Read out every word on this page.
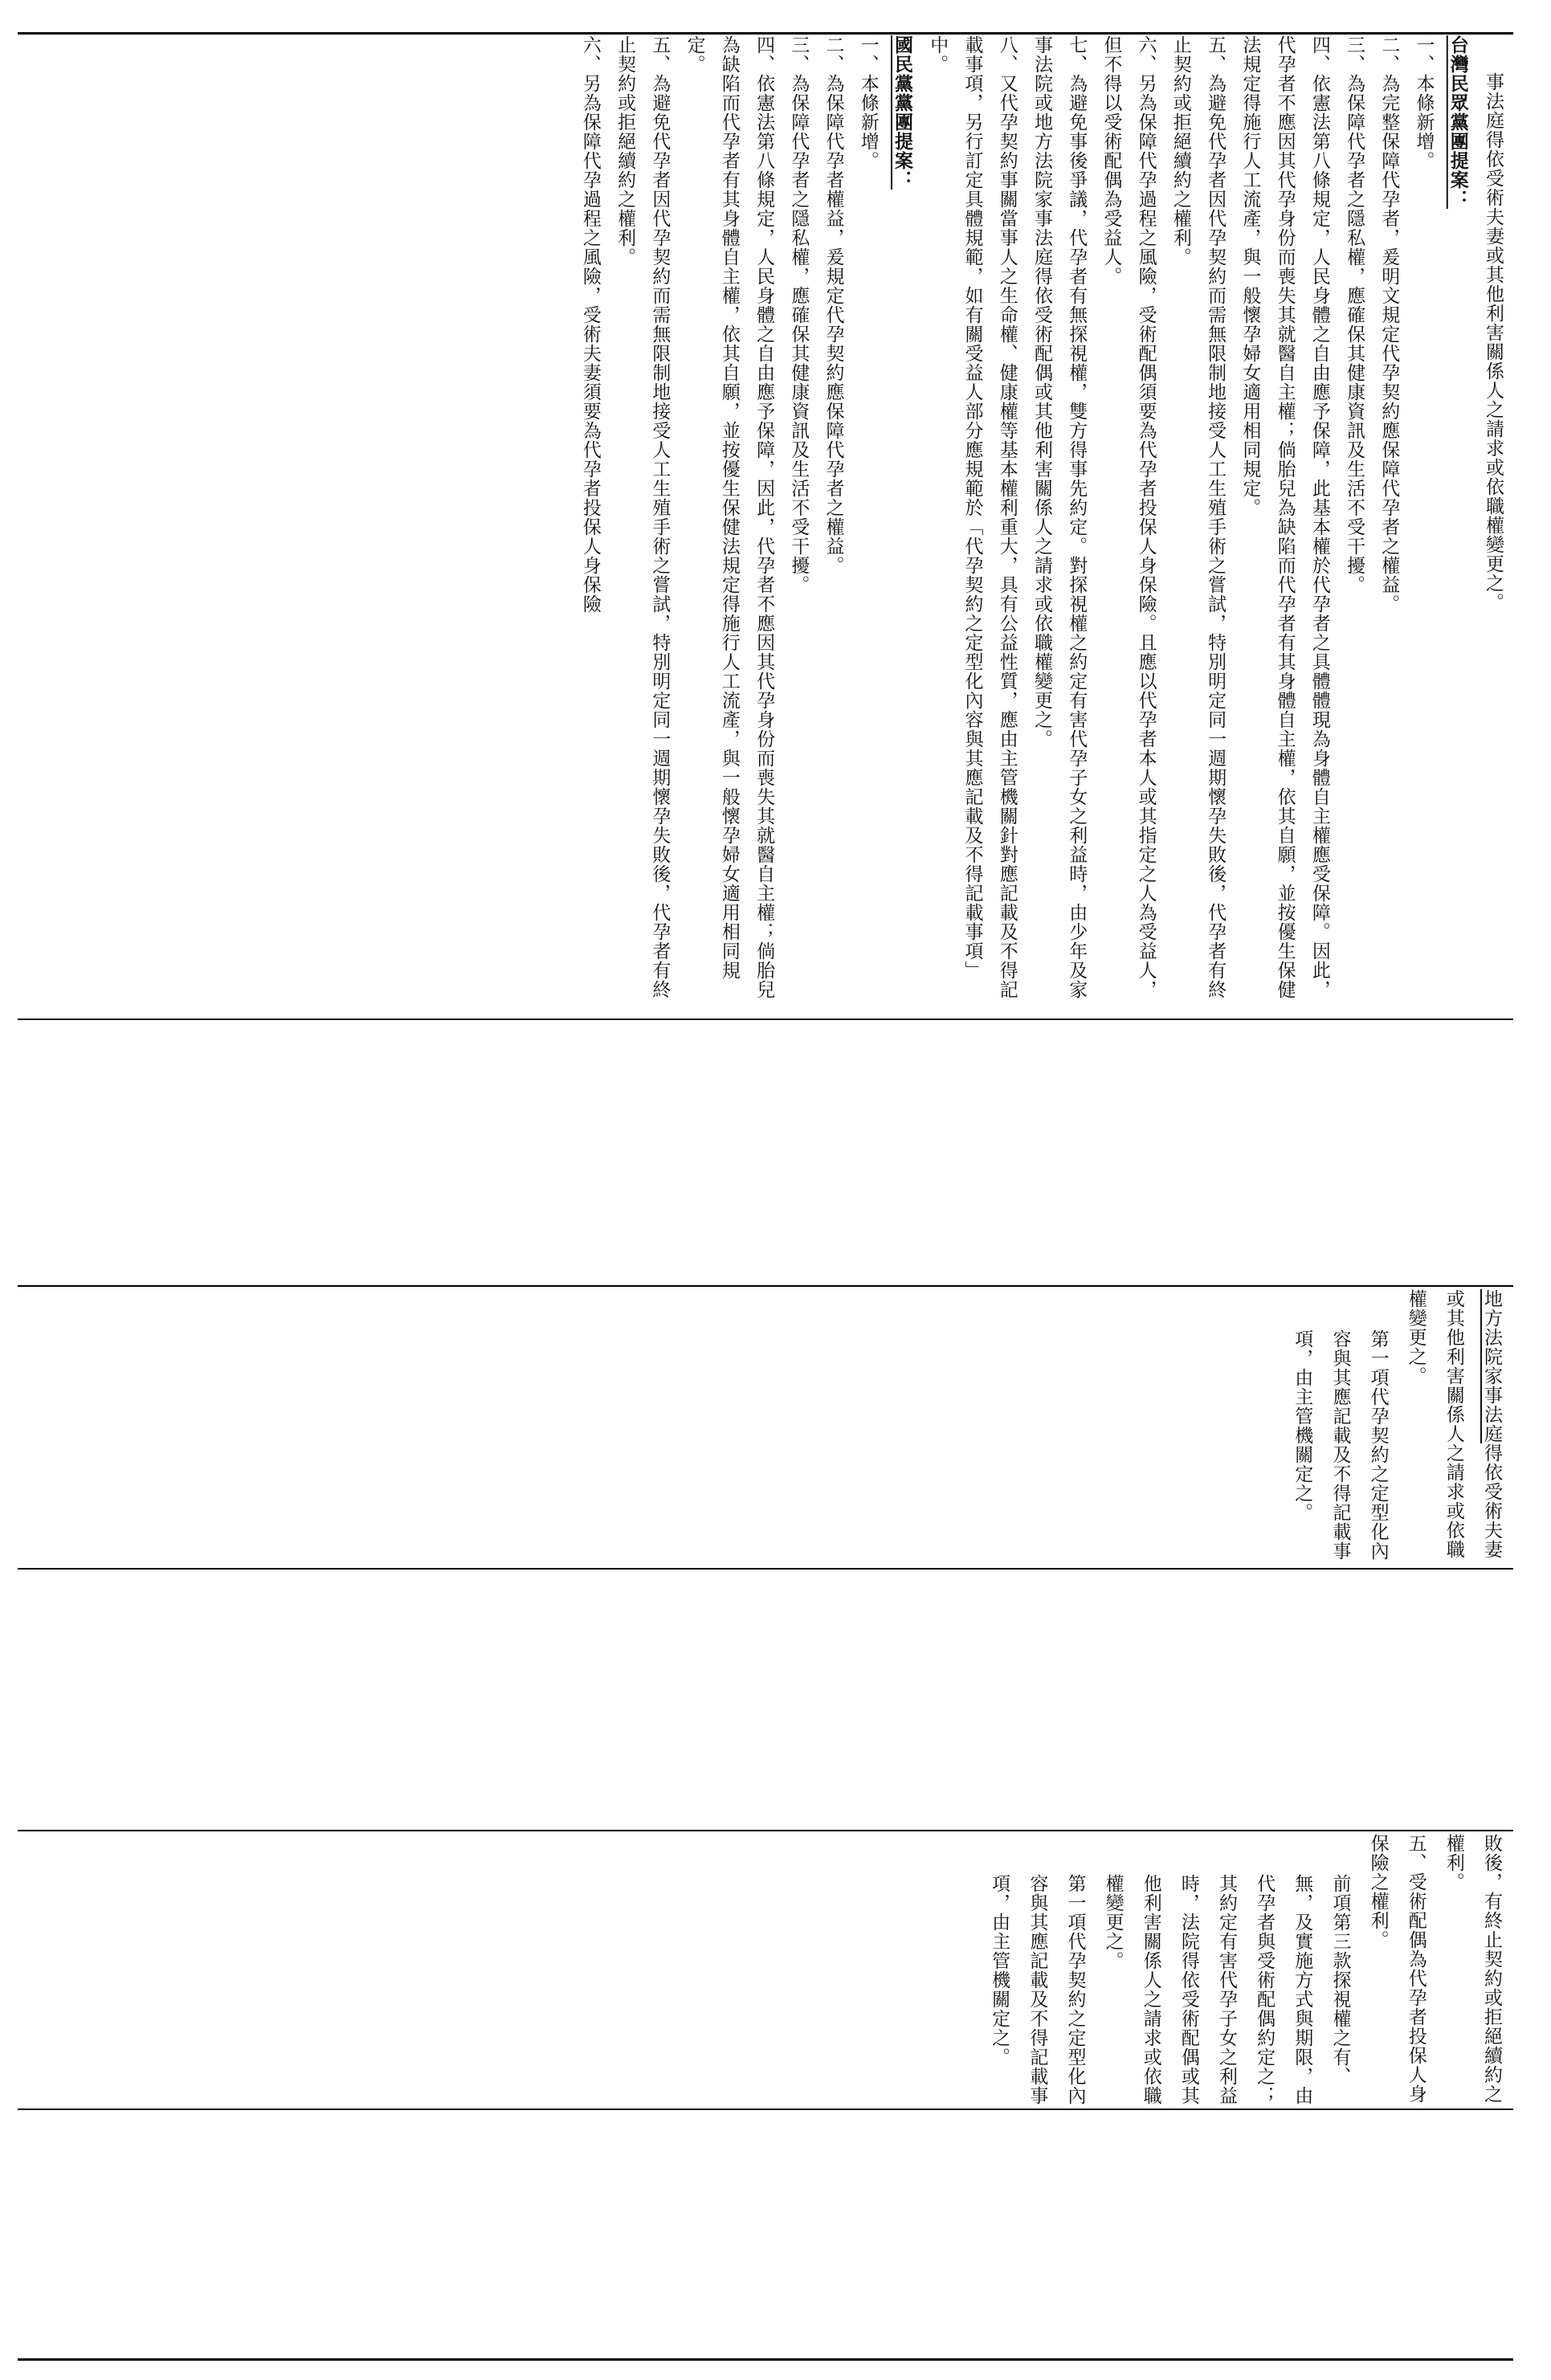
事法庭得依受術夫妻或其他利害關係人之請求或依職權變更之。
台灣民眾黨團提案：
一、本條新增。
二、為完整保障代孕者，爰明文規定代孕契約應保障代孕者之權益。
三、為保障代孕者之隱私權，應確保其健康資訊及生活不受干擾。
四、依憲法第八條規定，人民身體之自由應予保障，此基本權於代孕者之具體體現為身體自主權應受保障。因此，代孕者不應因其代孕身份而喪失其就醫自主權；倘胎兒為缺陷而代孕者有其身體自主權，依其自願，並按優生保健法規定得施行人工流產，與一般懷孕婦女適用相同規定。
五、為避免代孕者因代孕契約而需無限制地接受人工生殖手術之嘗試，特別明定同一週期懷孕失敗後，代孕者有終止契約或拒絕續約之權利。
六、另為保障代孕過程之風險，受術配偶須要為代孕者投保人身保險。且應以代孕者本人或其指定之人為受益人，但不得以受術配偶為受益人。
七、為避免事後爭議，代孕者有無探視權，雙方得事先約定。對探視權之約定有害代孕子女之利益時，由少年及家事法院或地方法院家事法庭得依受術配偶或其他利害關係人之請求或依職權變更之。
八、又代孕契約事關當事人之生命權、健康權等基本權利重大，具有公益性質，應由主管機關針對應記載及不得記載事項，另行訂定具體規範，如有關受益人部分應規範於「代孕契約之定型化內容與其應記載及不得記載事項」中。
國民黨黨團提案：
一、本條新增。
二、為保障代孕者權益，爰規定代孕契約應保障代孕者之權益。
三、為保障代孕者之隱私權，應確保其健康資訊及生活不受干擾。
四、依憲法第八條規定，人民身體之自由應予保障，因此，代孕者不應因其代孕身份而喪失其就醫自主權；倘胎兒為缺陷而代孕者有其身體自主權，依其自願，並按優生保健法規定得施行人工流產，與一般懷孕婦女適用相同規定。
五、為避免代孕者因代孕契約而需無限制地接受人工生殖手術之嘗試，特別明定同一週期懷孕失敗後，代孕者有終止契約或拒絕續約之權利。
六、另為保障代孕過程之風險，受術夫妻須要為代孕者投保人身保險
地方法院家事法庭得依受術夫妻或其他利害關係人之請求或依職權變更之。
第一項代孕契約之定型化內容與其應記載及不得記載事項，由主管機關定之。
敗後，有終止契約或拒絕續約之權利。
五、受術配偶為代孕者投保人身保險之權利。
前項第三款探視權之有、無，及實施方式與期限，由代孕者與受術配偶約定之；其約定有害代孕子女之利益時，法院得依受術配偶或其他利害關係人之請求或依職權變更之。
第一項代孕契約之定型化內容與其應記載及不得記載事項，由主管機關定之。
